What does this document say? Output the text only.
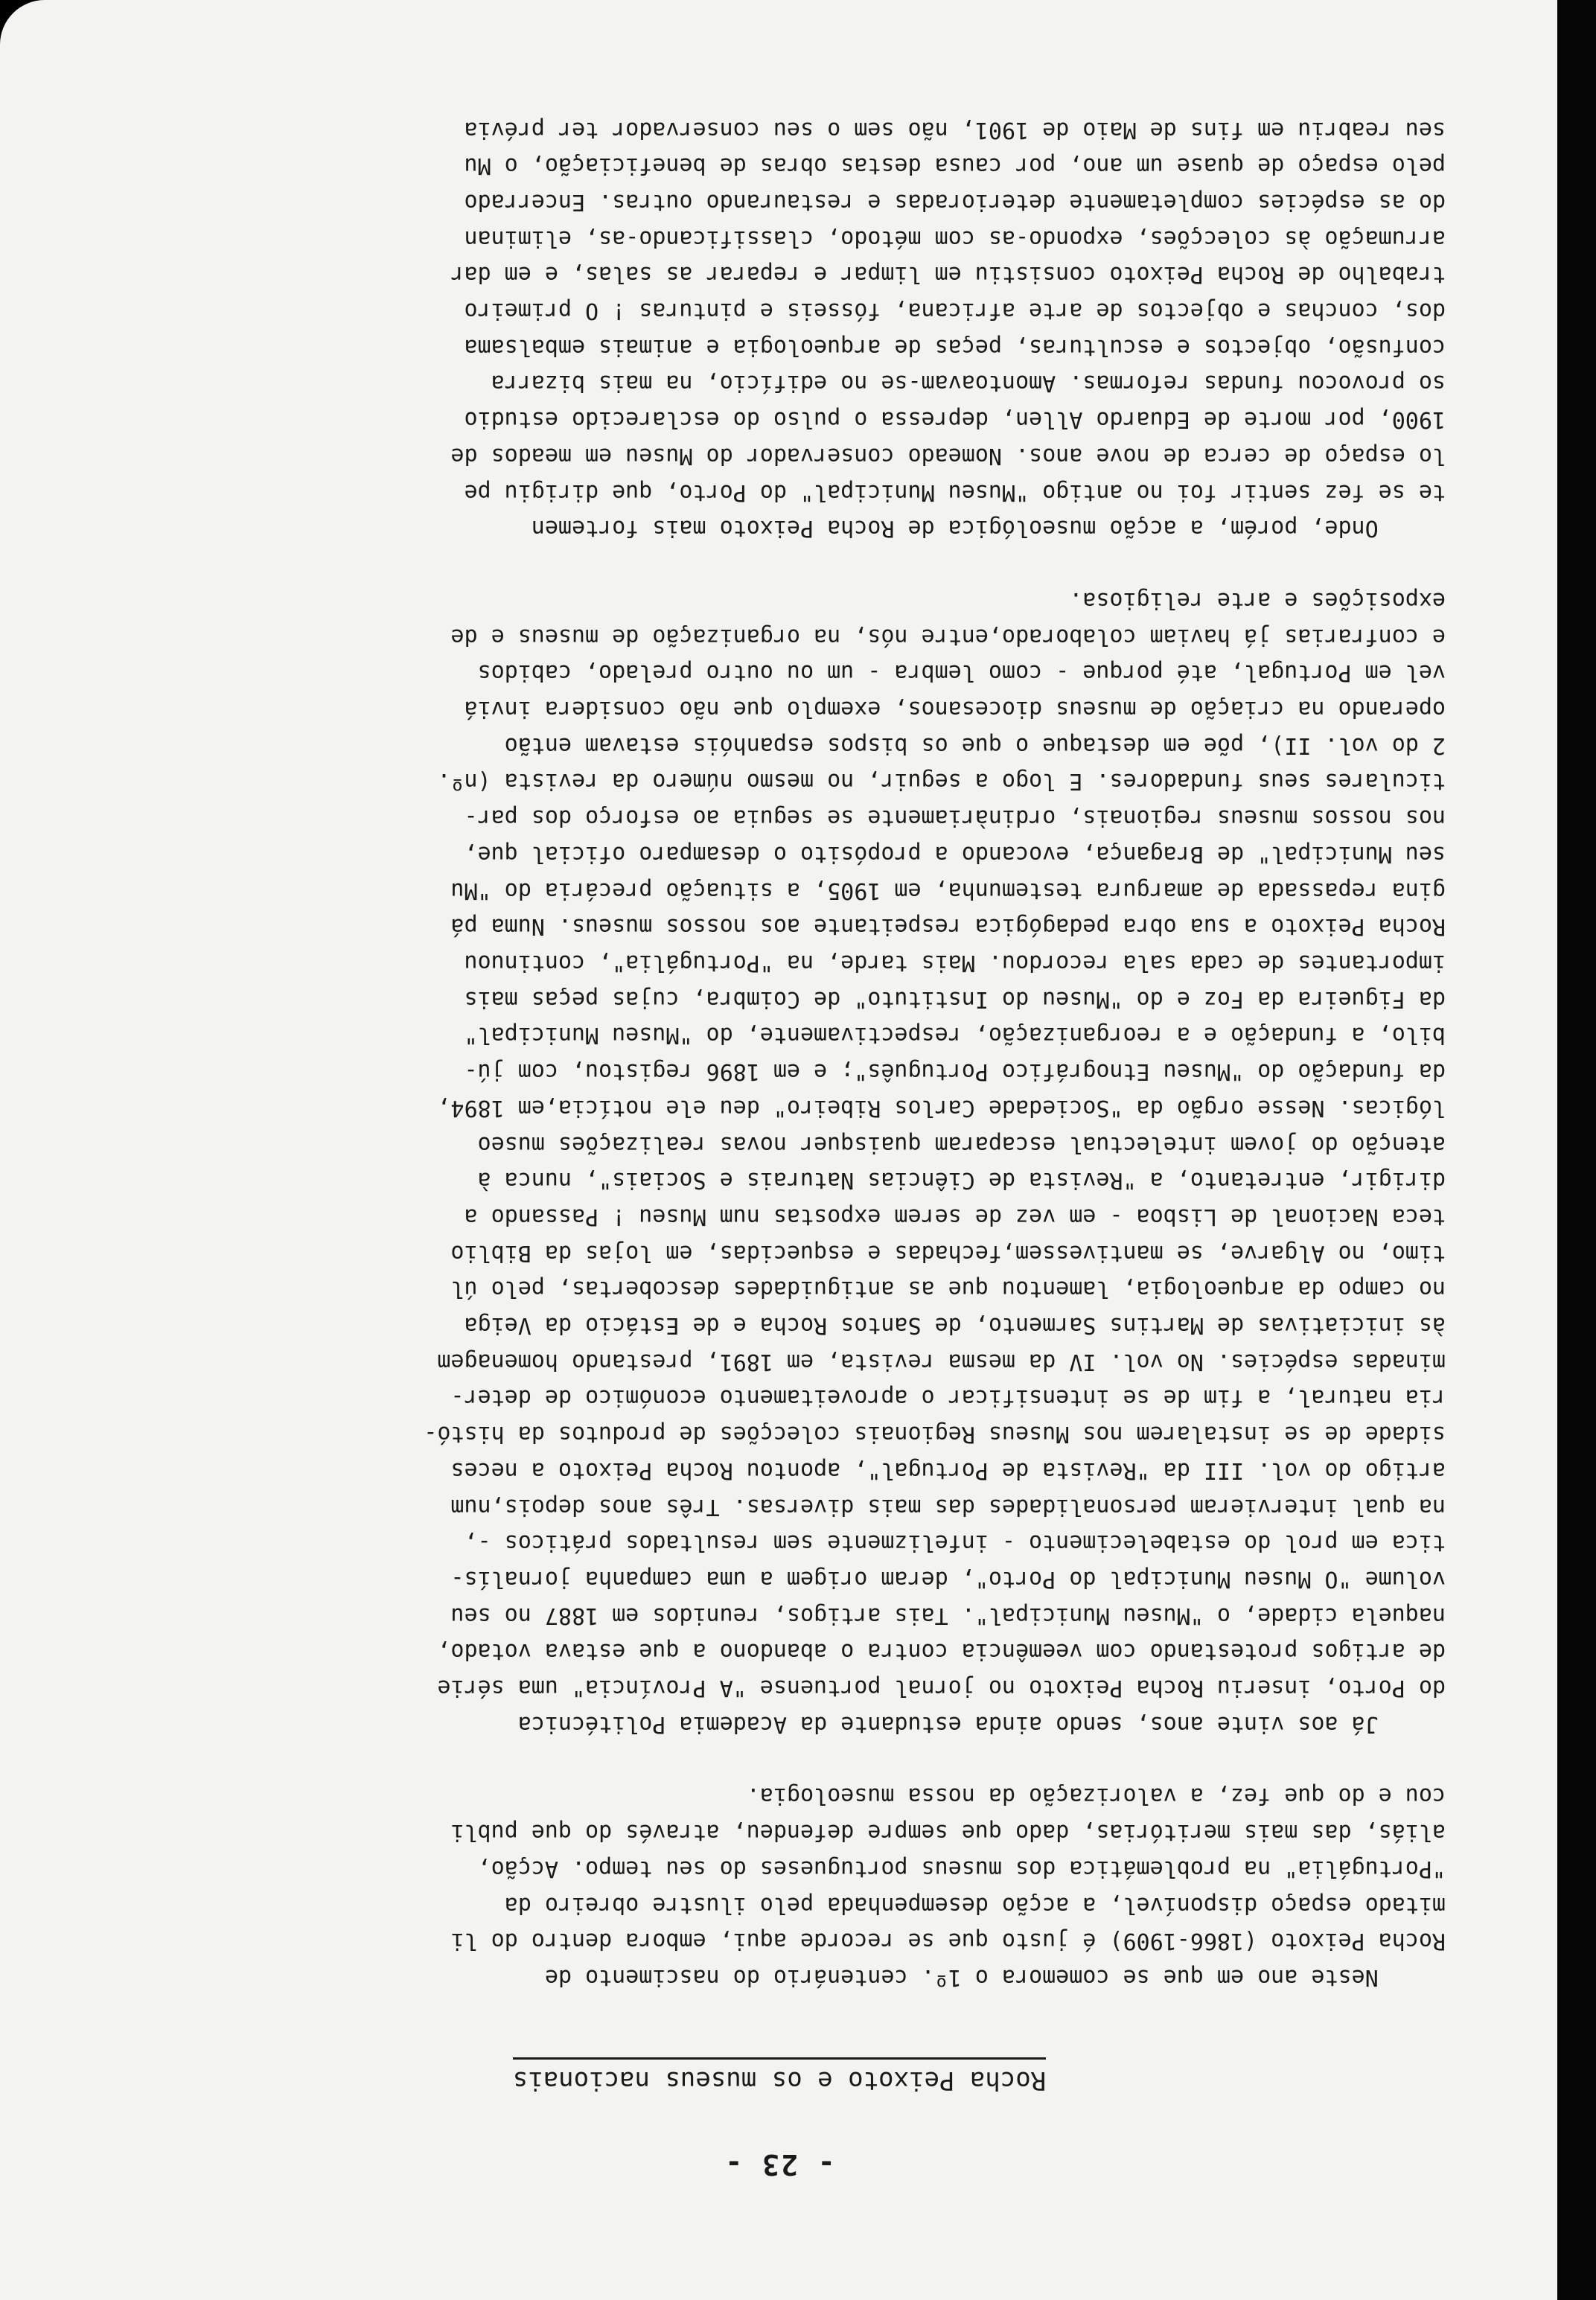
- 23 -
Rocha Peixoto e os museus nacionais
Neste ano em que se comemora o 1º. centenário do nascimento de
Rocha Peixoto (1866-1909) é justo que se recorde aqui, embora dentro do li
mitado espaço disponível, a acção desempenhada pelo ilustre obreiro da
"Portugália" na problemática dos museus portugueses do seu tempo. Acção,
aliás, das mais meritórias, dado que sempre defendeu, através do que publi
cou e do que fez, a valorização da nossa museologia.
Já aos vinte anos, sendo ainda estudante da Academia Politécnica
do Porto, inseriu Rocha Peixoto no jornal portuense "A Província" uma série
de artigos protestando com veemência contra o abandono a que estava votado,
naquela cidade, o "Museu Municipal". Tais artigos, reunidos em 1887 no seu
volume "O Museu Municipal do Porto", deram origem a uma campanha jornalís-
tica em prol do estabelecimento - infelizmente sem resultados práticos -,
na qual intervieram personalidades das mais diversas. Três anos depois,num
artigo do vol. III da "Revista de Portugal", apontou Rocha Peixoto a neces
sidade de se instalarem nos Museus Regionais colecções de produtos da histó-
ria natural, a fim de se intensificar o aproveitamento económico de deter-
minadas espécies. No vol. IV da mesma revista, em 1891, prestando homenagem
às iniciativas de Martins Sarmento, de Santos Rocha e de Estácio da Veiga
no campo da arqueologia, lamentou que as antiguidades descobertas, pelo úl
timo, no Algarve, se mantivessem,fechadas e esquecidas, em lojas da Biblio
teca Nacional de Lisboa - em vez de serem expostas num Museu ! Passando a
dirigir, entretanto, a "Revista de Ciências Naturais e Sociais", nunca à
atenção do jovem intelectual escaparam quaisquer novas realizações museo
lógicas. Nesse orgão da "Sociedade Carlos Ribeiro" deu ele notícia,em 1894,
da fundação do "Museu Etnográfico Português"; e em 1896 registou, com jú-
bilo, a fundação e a reorganização, respectivamente, do "Museu Municipal"
da Figueira da Foz e do "Museu do Instituto" de Coimbra, cujas peças mais
importantes de cada sala recordou. Mais tarde, na "Portugália", continuou
Rocha Peixoto a sua obra pedagógica respeitante aos nossos museus. Numa pá
gina repassada de amargura testemunha, em 1905, a situação precária do "Mu
seu Municipal" de Bragança, evocando a propósito o desamparo oficial que,
nos nossos museus regionais, ordinàriamente se seguia ao esforço dos par-
ticulares seus fundadores. E logo a seguir, no mesmo número da revista (nº.
2 do vol. II), põe em destaque o que os bispos espanhóis estavam então
operando na criação de museus diocesanos, exemplo que não considera inviá
vel em Portugal, até porque - como lembra - um ou outro prelado, cabidos
e confrarias já haviam colaborado,entre nós, na organização de museus e de
exposições e arte religiosa.
Onde, porém, a acção museológica de Rocha Peixoto mais fortemen
te se fez sentir foi no antigo "Museu Municipal" do Porto, que dirigiu pe
lo espaço de cerca de nove anos. Nomeado conservador do Museu em meados de
1900, por morte de Eduardo Allen, depressa o pulso do esclarecido estudio
so provocou fundas reformas. Amontoavam-se no edifício, na mais bizarra
confusão, objectos e esculturas, peças de arqueologia e animais embalsama
dos, conchas e objectos de arte africana, fósseis e pinturas ! O primeiro
trabalho de Rocha Peixoto consistiu em limpar e reparar as salas, e em dar
arrumação às colecções, expondo-as com método, classificando-as, eliminan
do as espécies completamente deterioradas e restaurando outras. Encerrado
pelo espaço de quase um ano, por causa destas obras de beneficiação, o Mu
seu reabriu em fins de Maio de 1901, não sem o seu conservador ter prévia
